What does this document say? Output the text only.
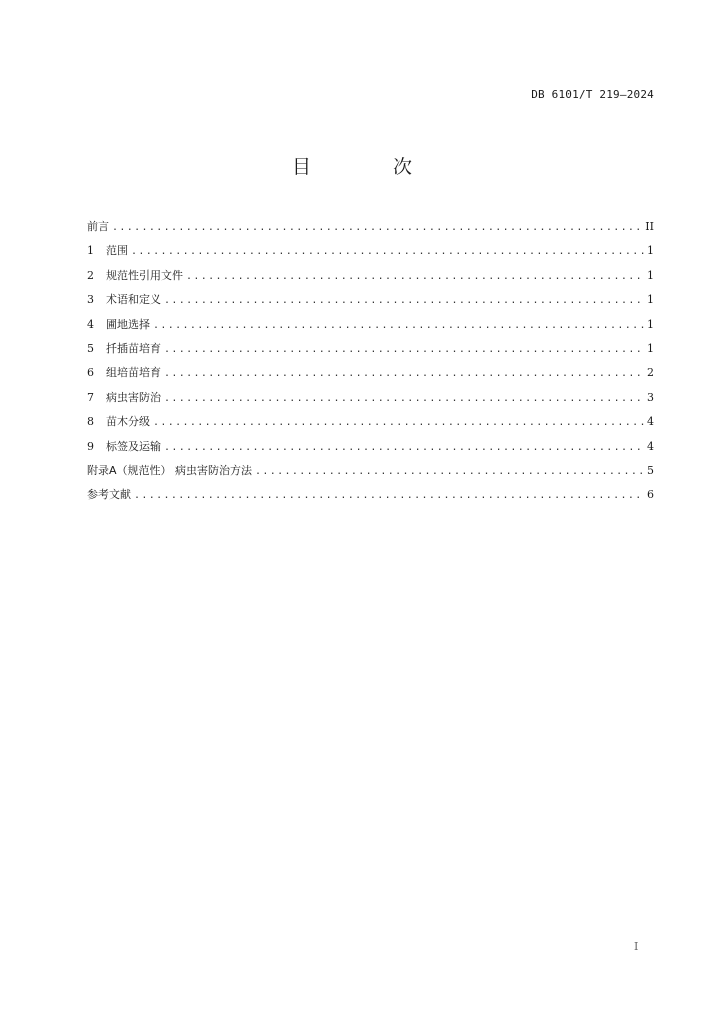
DB 6101/T 219—2024
目 次
前言 .....	II
1	范围 .....	1
2	规范性引用文件 .....	1
3	术语和定义 .....	1
4	圃地选择 .....	1
5	扦插苗培育 .....	1
6	组培苗培育 .....	2
7	病虫害防治 .....	3
8	苗木分级 .....	4
9	标签及运输 .....	4
附录A（规范性） 病虫害防治方法 .....	5
参考文献 .....	6
I
